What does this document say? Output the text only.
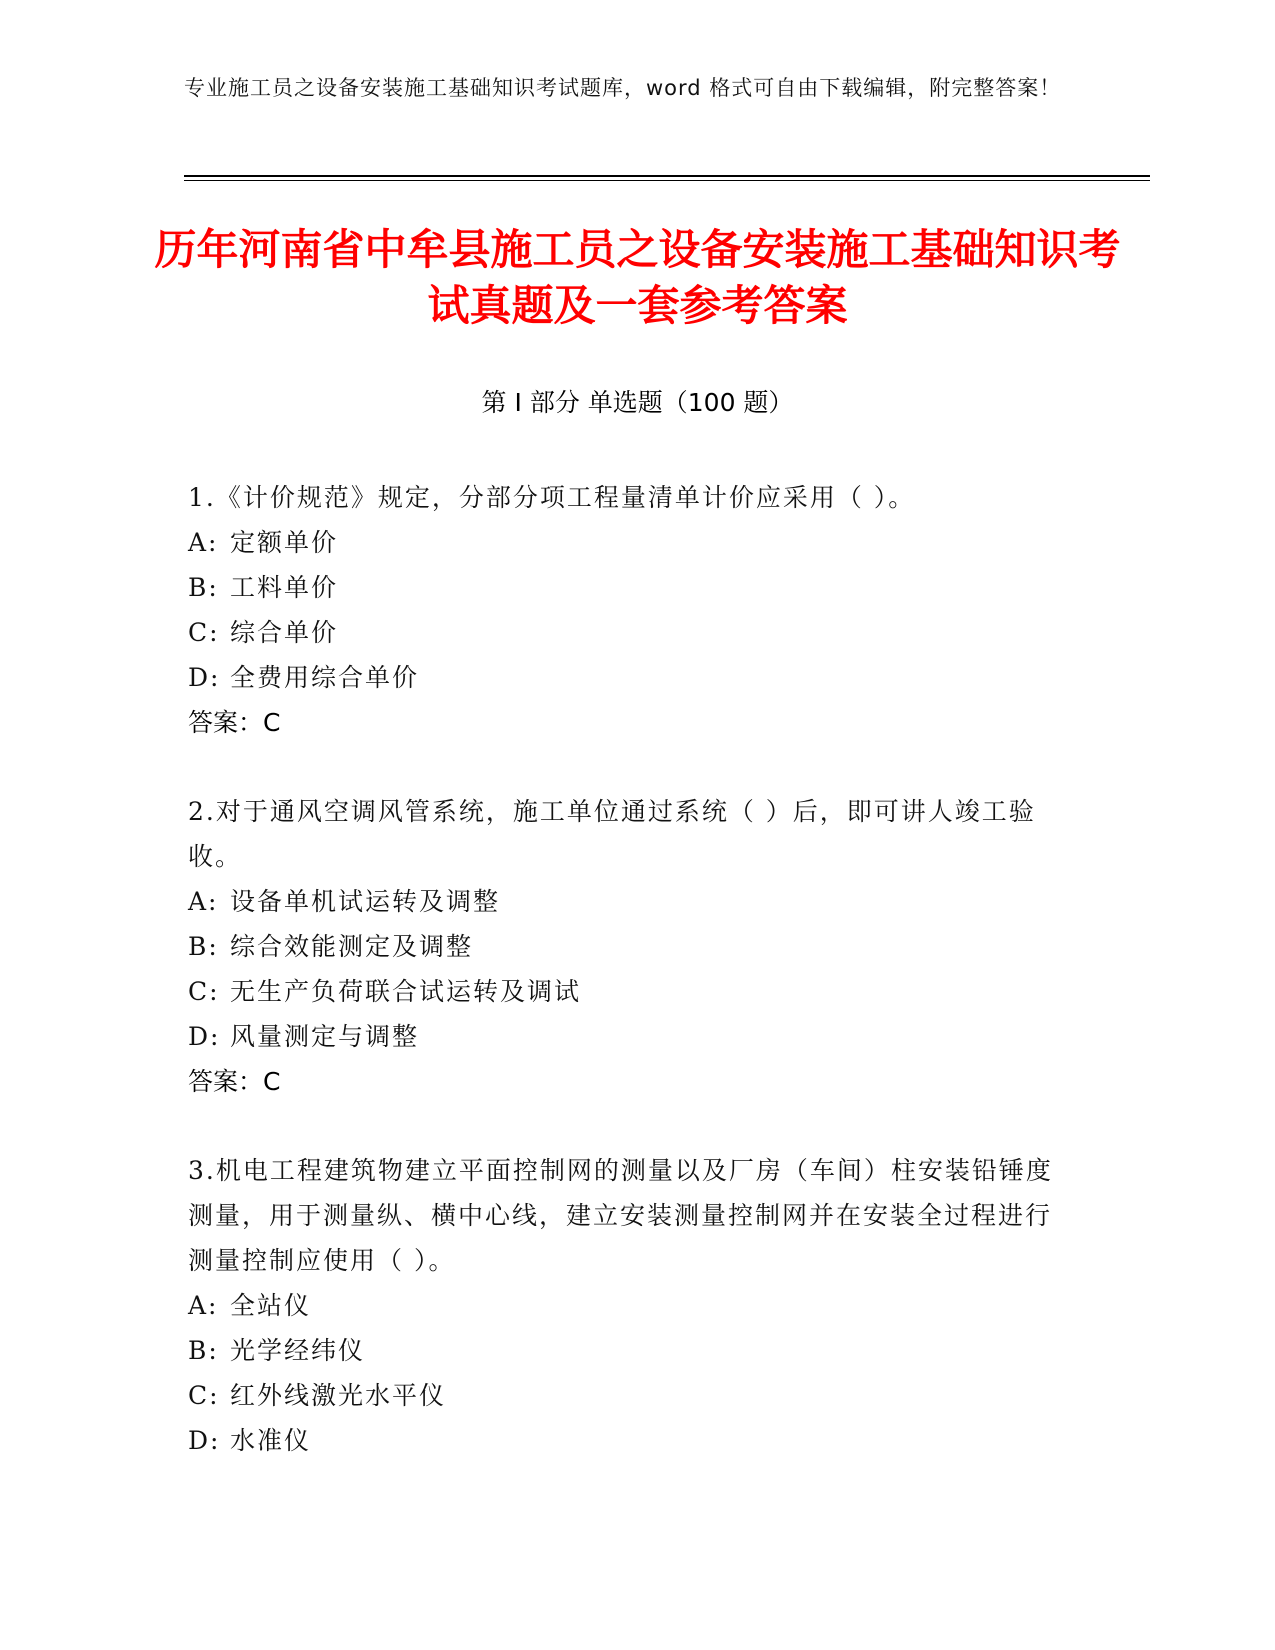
专业施工员之设备安装施工基础知识考试题库，word 格式可自由下载编辑，附完整答案！
历年河南省中牟县施工员之设备安装施工基础知识考试真题及一套参考答案
第 I 部分 单选题（100 题）
1.《计价规范》规定，分部分项工程量清单计价应采用（ ）。
A: 定额单价
B: 工料单价
C: 综合单价
D: 全费用综合单价
答案：C
2.对于通风空调风管系统，施工单位通过系统（ ）后，即可讲人竣工验收。
A: 设备单机试运转及调整
B: 综合效能测定及调整
C: 无生产负荷联合试运转及调试
D: 风量测定与调整
答案：C
3.机电工程建筑物建立平面控制网的测量以及厂房（车间）柱安装铅锤度测量，用于测量纵、横中心线，建立安装测量控制网并在安装全过程进行测量控制应使用（ ）。
A: 全站仪
B: 光学经纬仪
C: 红外线激光水平仪
D: 水准仪
